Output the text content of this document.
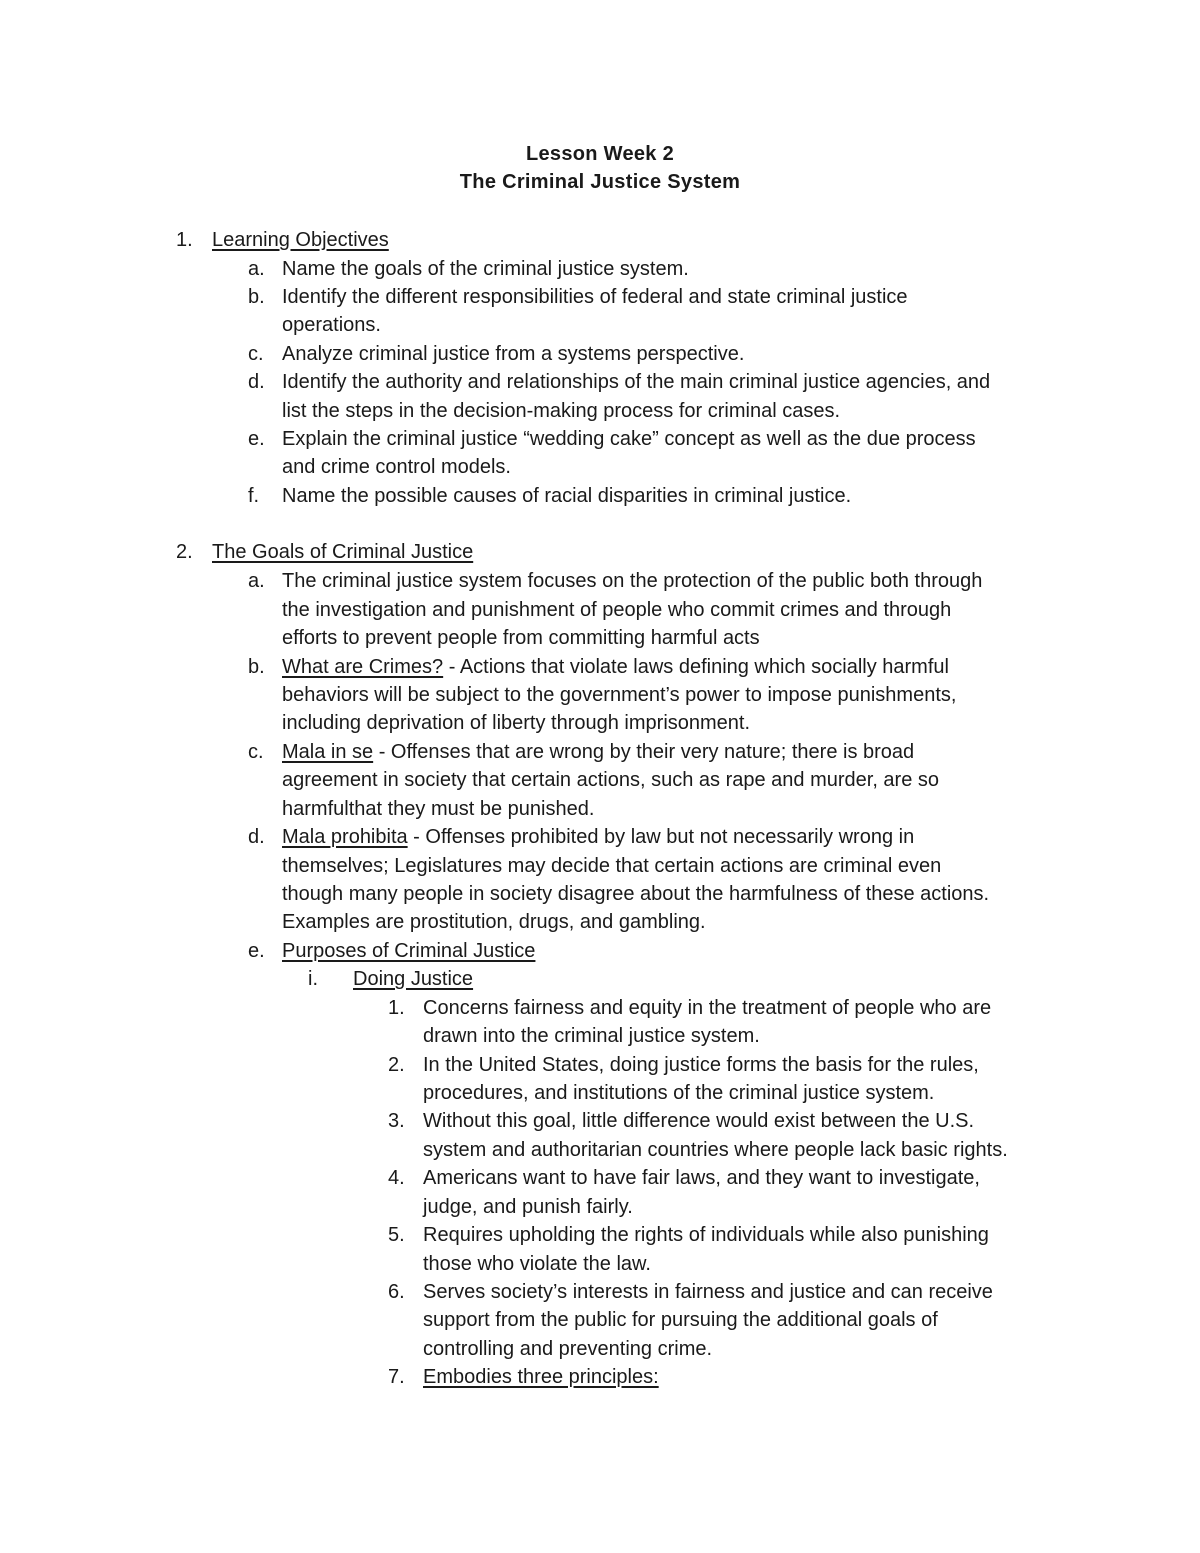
Lesson Week 2
The Criminal Justice System
1. Learning Objectives
a. Name the goals of the criminal justice system.
b. Identify the different responsibilities of federal and state criminal justice
operations.
c. Analyze criminal justice from a systems perspective.
d. Identify the authority and relationships of the main criminal justice agencies, and
list the steps in the decision-making process for criminal cases.
e. Explain the criminal justice “wedding cake” concept as well as the due process
and crime control models.
f. Name the possible causes of racial disparities in criminal justice.
2. The Goals of Criminal Justice
a. The criminal justice system focuses on the protection of the public both through
the investigation and punishment of people who commit crimes and through
efforts to prevent people from committing harmful acts
b. What are Crimes? - Actions that violate laws defining which socially harmful
behaviors will be subject to the government’s power to impose punishments,
including deprivation of liberty through imprisonment.
c. Mala in se - Offenses that are wrong by their very nature; there is broad
agreement in society that certain actions, such as rape and murder, are so
harmfulthat they must be punished.
d. Mala prohibita - Offenses prohibited by law but not necessarily wrong in
themselves; Legislatures may decide that certain actions are criminal even
though many people in society disagree about the harmfulness of these actions.
Examples are prostitution, drugs, and gambling.
e. Purposes of Criminal Justice
i. Doing Justice
1. Concerns fairness and equity in the treatment of people who are
drawn into the criminal justice system.
2. In the United States, doing justice forms the basis for the rules,
procedures, and institutions of the criminal justice system.
3. Without this goal, little difference would exist between the U.S.
system and authoritarian countries where people lack basic rights.
4. Americans want to have fair laws, and they want to investigate,
judge, and punish fairly.
5. Requires upholding the rights of individuals while also punishing
those who violate the law.
6. Serves society’s interests in fairness and justice and can receive
support from the public for pursuing the additional goals of
controlling and preventing crime.
7. Embodies three principles:
